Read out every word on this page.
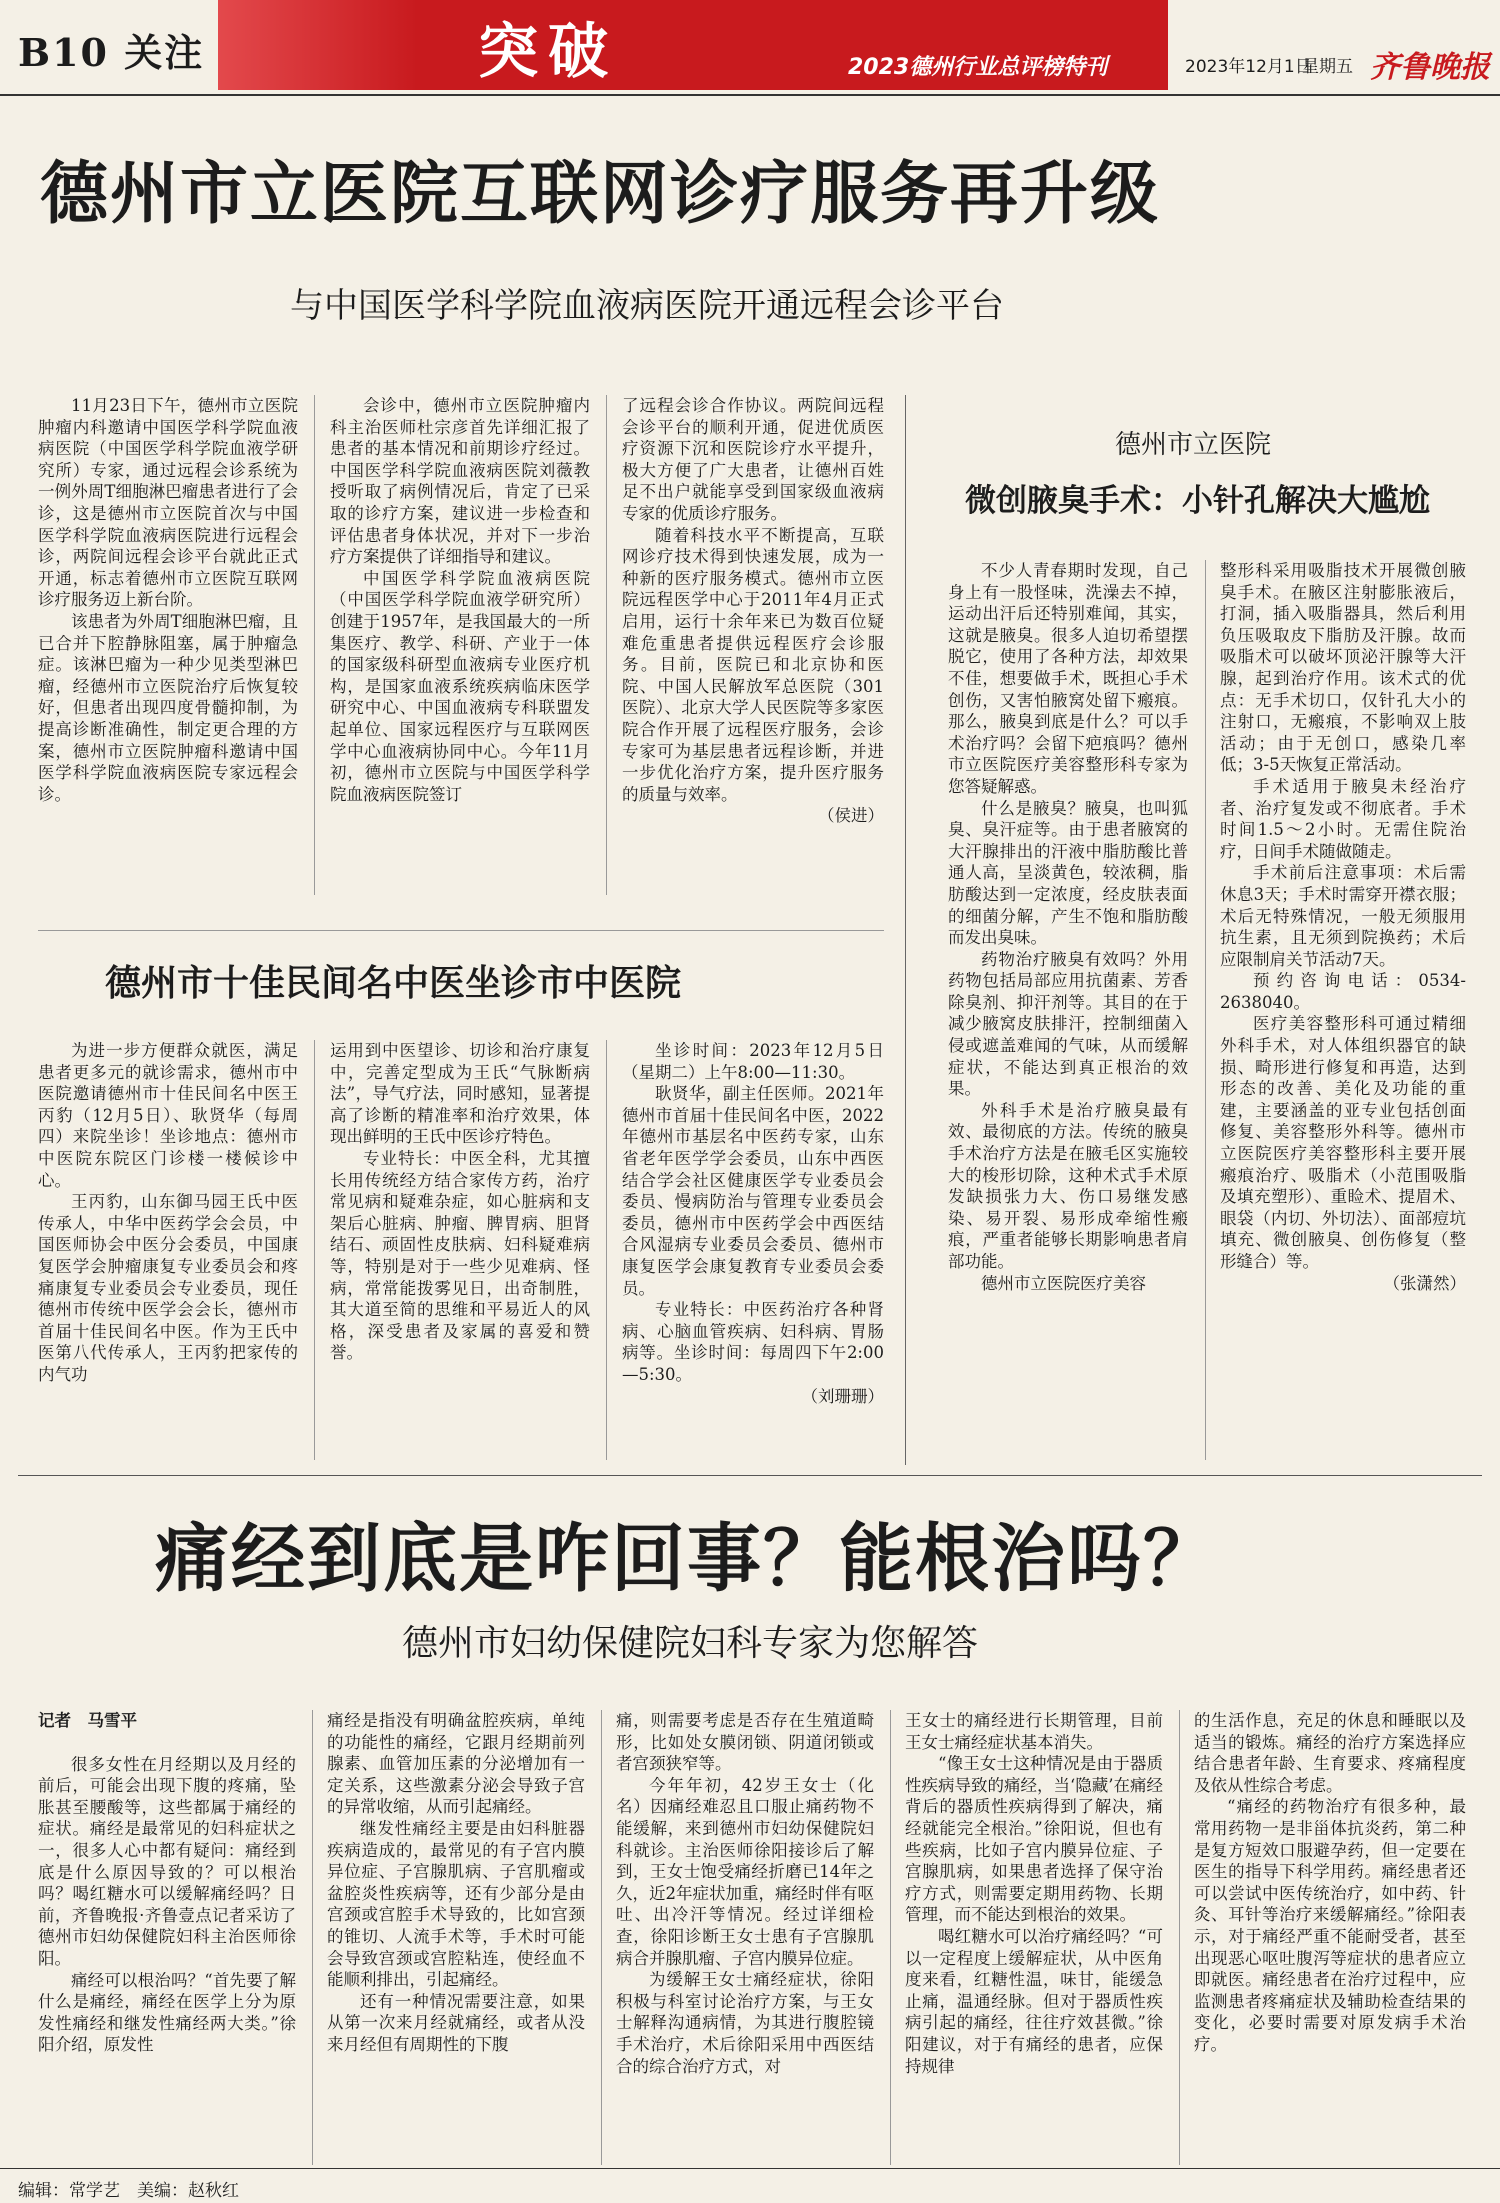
B10 关注	突破	2023德州行业总评榜特刊	2023年12月1日
星期五 齐鲁晚报
德州市立医院互联网诊疗服务再升级
与中国医学科学院血液病医院开通远程会诊平台

11月23日下午，德州市立医院肿瘤内科邀请中国医学科学院血液病医院（中国医学科学院血液学研究所）专家，通过远程会诊系统为一例外周T细胞淋巴瘤患者进行了会诊，这是德州市立医院首次与中国医学科学院血液病医院进行远程会诊，两院间远程会诊平台就此正式开通，标志着德州市立医院互联网诊疗服务迈上新台阶。

该患者为外周T细胞淋巴瘤，且已合并下腔静脉阻塞，属于肿瘤急症。该淋巴瘤为一种少见类型淋巴瘤，经德州市立医院治疗后恢复较好，但患者出现四度骨髓抑制，为提高诊断准确性，制定更合理的方案，德州市立医院肿瘤科邀请中国医学科学院血液病医院专家远程会诊。

会诊中，德州市立医院肿瘤内科主治医师杜宗彦首先详细汇报了患者的基本情况和前期诊疗经过。中国医学科学院血液病医院刘薇教授听取了病例情况后，肯定了已采取的诊疗方案，建议进一步检查和评估患者身体状况，并对下一步治疗方案提供了详细指导和建议。

中国医学科学院血液病医院（中国医学科学院血液学研究所）创建于1957年，是我国最大的一所集医疗、教学、科研、产业于一体的国家级科研型血液病专业医疗机构，是国家血液系统疾病临床医学研究中心、中国血液病专科联盟发起单位、国家远程医疗与互联网医学中心血液病协同中心。今年11月初，德州市立医院与中国医学科学院血液病医院签订

了远程会诊合作协议。两院间远程会诊平台的顺利开通，促进优质医疗资源下沉和医院诊疗水平提升，极大方便了广大患者，让德州百姓足不出户就能享受到国家级血液病专家的优质诊疗服务。

随着科技水平不断提高，互联网诊疗技术得到快速发展，成为一种新的医疗服务模式。德州市立医院远程医学中心于2011年4月正式启用，运行十余年来已为数百位疑难危重患者提供远程医疗会诊服务。目前，医院已和北京协和医院、中国人民解放军总医院（301医院）、北京大学人民医院等多家医院合作开展了远程医疗服务，会诊专家可为基层患者远程诊断，并进一步优化治疗方案，提升医疗服务的质量与效率。

（侯进）

德州市十佳民间名中医坐诊市中医院

为进一步方便群众就医，满足患者更多元的就诊需求，德州市中医院邀请德州市十佳民间名中医王丙豹（12月5日）、耿贤华（每周四）来院坐诊！坐诊地点：德州市中医院东院区门诊楼一楼候诊中心。

王丙豹，山东御马园王氏中医传承人，中华中医药学会会员，中国医师协会中医分会委员，中国康复医学会肿瘤康复专业委员会和疼痛康复专业委员会专业委员，现任德州市传统中医学会会长，德州市首届十佳民间名中医。作为王氏中医第八代传承人，王丙豹把家传的内气功

运用到中医望诊、切诊和治疗康复中，完善定型成为王氏“气脉断病法”，导气疗法，同时感知，显著提高了诊断的精准率和治疗效果，体现出鲜明的王氏中医诊疗特色。

专业特长：中医全科，尤其擅长用传统经方结合家传方药，治疗常见病和疑难杂症，如心脏病和支架后心脏病、肿瘤、脾胃病、胆肾结石、顽固性皮肤病、妇科疑难病等，特别是对于一些少见难病、怪病，常常能拨雾见日，出奇制胜，其大道至简的思维和平易近人的风格，深受患者及家属的喜爱和赞誉。

坐诊时间：2023年12月5日（星期二）上午8:00—11:30。

耿贤华，副主任医师。2021年德州市首届十佳民间名中医，2022年德州市基层名中医药专家，山东省老年医学学会委员，山东中西医结合学会社区健康医学专业委员会委员、慢病防治与管理专业委员会委员，德州市中医药学会中西医结合风湿病专业委员会委员、德州市康复医学会康复教育专业委员会委员。

专业特长：中医药治疗各种肾病、心脑血管疾病、妇科病、胃肠病等。坐诊时间：每周四下午2:00—5:30。

（刘珊珊）

德州市立医院
微创腋臭手术：小针孔解决大尴尬

不少人青春期时发现，自己身上有一股怪味，洗澡去不掉，运动出汗后还特别难闻，其实，这就是腋臭。很多人迫切希望摆脱它，使用了各种方法，却效果不佳，想要做手术，既担心手术创伤，又害怕腋窝处留下瘢痕。那么，腋臭到底是什么？可以手术治疗吗？会留下疤痕吗？德州市立医院医疗美容整形科专家为您答疑解惑。

什么是腋臭？腋臭，也叫狐臭、臭汗症等。由于患者腋窝的大汗腺排出的汗液中脂肪酸比普通人高，呈淡黄色，较浓稠，脂肪酸达到一定浓度，经皮肤表面的细菌分解，产生不饱和脂肪酸而发出臭味。

药物治疗腋臭有效吗？外用药物包括局部应用抗菌素、芳香除臭剂、抑汗剂等。其目的在于减少腋窝皮肤排汗，控制细菌入侵或遮盖难闻的气味，从而缓解症状，不能达到真正根治的效果。

外科手术是治疗腋臭最有效、最彻底的方法。传统的腋臭手术治疗方法是在腋毛区实施较大的梭形切除，这种术式手术原发缺损张力大、伤口易继发感染、易开裂、易形成牵缩性瘢痕，严重者能够长期影响患者肩部功能。

德州市立医院医疗美容

整形科采用吸脂技术开展微创腋臭手术。在腋区注射膨胀液后，打洞，插入吸脂器具，然后利用负压吸取皮下脂肪及汗腺。故而吸脂术可以破坏顶泌汗腺等大汗腺，起到治疗作用。该术式的优点：无手术切口，仅针孔大小的注射口，无瘢痕，不影响双上肢活动；由于无创口，感染几率低；3-5天恢复正常活动。

手术适用于腋臭未经治疗者、治疗复发或不彻底者。手术时间1.5～2小时。无需住院治疗，日间手术随做随走。

手术前后注意事项：术后需休息3天；手术时需穿开襟衣服；术后无特殊情况，一般无须服用抗生素，且无须到院换药；术后应限制肩关节活动7天。

预约咨询电话：0534-2638040。

医疗美容整形科可通过精细外科手术，对人体组织器官的缺损、畸形进行修复和再造，达到形态的改善、美化及功能的重建，主要涵盖的亚专业包括创面修复、美容整形外科等。德州市立医院医疗美容整形科主要开展瘢痕治疗、吸脂术（小范围吸脂及填充塑形）、重睑术、提眉术、眼袋（内切、外切法）、面部痘坑填充、微创腋臭、创伤修复（整形缝合）等。

（张潇然）

痛经到底是咋回事？能根治吗？
德州市妇幼保健院妇科专家为您解答

记者　马雪平

很多女性在月经期以及月经的前后，可能会出现下腹的疼痛，坠胀甚至腰酸等，这些都属于痛经的症状。痛经是最常见的妇科症状之一，很多人心中都有疑问：痛经到底是什么原因导致的？可以根治吗？喝红糖水可以缓解痛经吗？日前，齐鲁晚报·齐鲁壹点记者采访了德州市妇幼保健院妇科主治医师徐阳。

痛经可以根治吗？“首先要了解什么是痛经，痛经在医学上分为原发性痛经和继发性痛经两大类。”徐阳介绍，原发性

痛经是指没有明确盆腔疾病，单纯的功能性的痛经，它跟月经期前列腺素、血管加压素的分泌增加有一定关系，这些激素分泌会导致子宫的异常收缩，从而引起痛经。

继发性痛经主要是由妇科脏器疾病造成的，最常见的有子宫内膜异位症、子宫腺肌病、子宫肌瘤或盆腔炎性疾病等，还有少部分是由宫颈或宫腔手术导致的，比如宫颈的锥切、人流手术等，手术时可能会导致宫颈或宫腔粘连，使经血不能顺利排出，引起痛经。

还有一种情况需要注意，如果从第一次来月经就痛经，或者从没来月经但有周期性的下腹

痛，则需要考虑是否存在生殖道畸形，比如处女膜闭锁、阴道闭锁或者宫颈狭窄等。

今年年初，42岁王女士（化名）因痛经难忍且口服止痛药物不能缓解，来到德州市妇幼保健院妇科就诊。主治医师徐阳接诊后了解到，王女士饱受痛经折磨已14年之久，近2年症状加重，痛经时伴有呕吐、出冷汗等情况。经过详细检查，徐阳诊断王女士患有子宫腺肌病合并腺肌瘤、子宫内膜异位症。

为缓解王女士痛经症状，徐阳积极与科室讨论治疗方案，与王女士解释沟通病情，为其进行腹腔镜手术治疗，术后徐阳采用中西医结合的综合治疗方式，对

王女士的痛经进行长期管理，目前王女士痛经症状基本消失。

“像王女士这种情况是由于器质性疾病导致的痛经，当‘隐藏’在痛经背后的器质性疾病得到了解决，痛经就能完全根治。”徐阳说，但也有些疾病，比如子宫内膜异位症、子宫腺肌病，如果患者选择了保守治疗方式，则需要定期用药物、长期管理，而不能达到根治的效果。

喝红糖水可以治疗痛经吗？“可以一定程度上缓解症状，从中医角度来看，红糖性温，味甘，能缓急止痛，温通经脉。但对于器质性疾病引起的痛经，往往疗效甚微。”徐阳建议，对于有痛经的患者，应保持规律

的生活作息，充足的休息和睡眠以及适当的锻炼。痛经的治疗方案选择应结合患者年龄、生育要求、疼痛程度及依从性综合考虑。

“痛经的药物治疗有很多种，最常用药物一是非甾体抗炎药，第二种是复方短效口服避孕药，但一定要在医生的指导下科学用药。痛经患者还可以尝试中医传统治疗，如中药、针灸、耳针等治疗来缓解痛经。”徐阳表示，对于痛经严重不能耐受者，甚至出现恶心呕吐腹泻等症状的患者应立即就医。痛经患者在治疗过程中，应监测患者疼痛症状及辅助检查结果的变化，必要时需要对原发病手术治疗。

编辑：常学艺　美编：赵秋红
